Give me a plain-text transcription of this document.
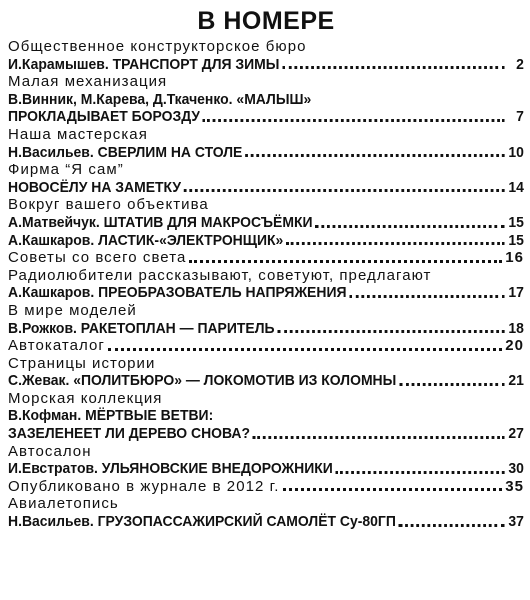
В НОМЕРЕ
Общественное конструкторское бюро
И.Карамышев. ТРАНСПОРТ ДЛЯ ЗИМЫ	2
Малая механизация
В.Винник, М.Карева, Д.Ткаченко. «МАЛЫШ»
ПРОКЛАДЫВАЕТ БОРОЗДУ	7
Наша мастерская
Н.Васильев. СВЕРЛИМ НА СТОЛЕ	10
Фирма “Я сам”
НОВОСЁЛУ НА ЗАМЕТКУ	14
Вокруг вашего объектива
А.Матвейчук. ШТАТИВ ДЛЯ МАКРОСЪЁМКИ	15
А.Кашкаров. ЛАСТИК-«ЭЛЕКТРОНЩИК»	15
Советы со всего света	16
Радиолюбители рассказывают, советуют, предлагают
А.Кашкаров. ПРЕОБРАЗОВАТЕЛЬ НАПРЯЖЕНИЯ	17
В мире моделей
В.Рожков. РАКЕТОПЛАН — ПАРИТЕЛЬ	18
Автокаталог	20
Страницы истории
С.Жевак. «ПОЛИТБЮРО» — ЛОКОМОТИВ ИЗ КОЛОМНЫ	21
Морская коллекция
В.Кофман. МЁРТВЫЕ ВЕТВИ:
ЗАЗЕЛЕНЕЕТ ЛИ ДЕРЕВО СНОВА?	27
Автосалон
И.Евстратов. УЛЬЯНОВСКИЕ ВНЕДОРОЖНИКИ	30
Опубликовано в журнале в 2012 г.	35
Авиалетопись
Н.Васильев. ГРУЗОПАССАЖИРСКИЙ САМОЛЁТ Су-80ГП	37
